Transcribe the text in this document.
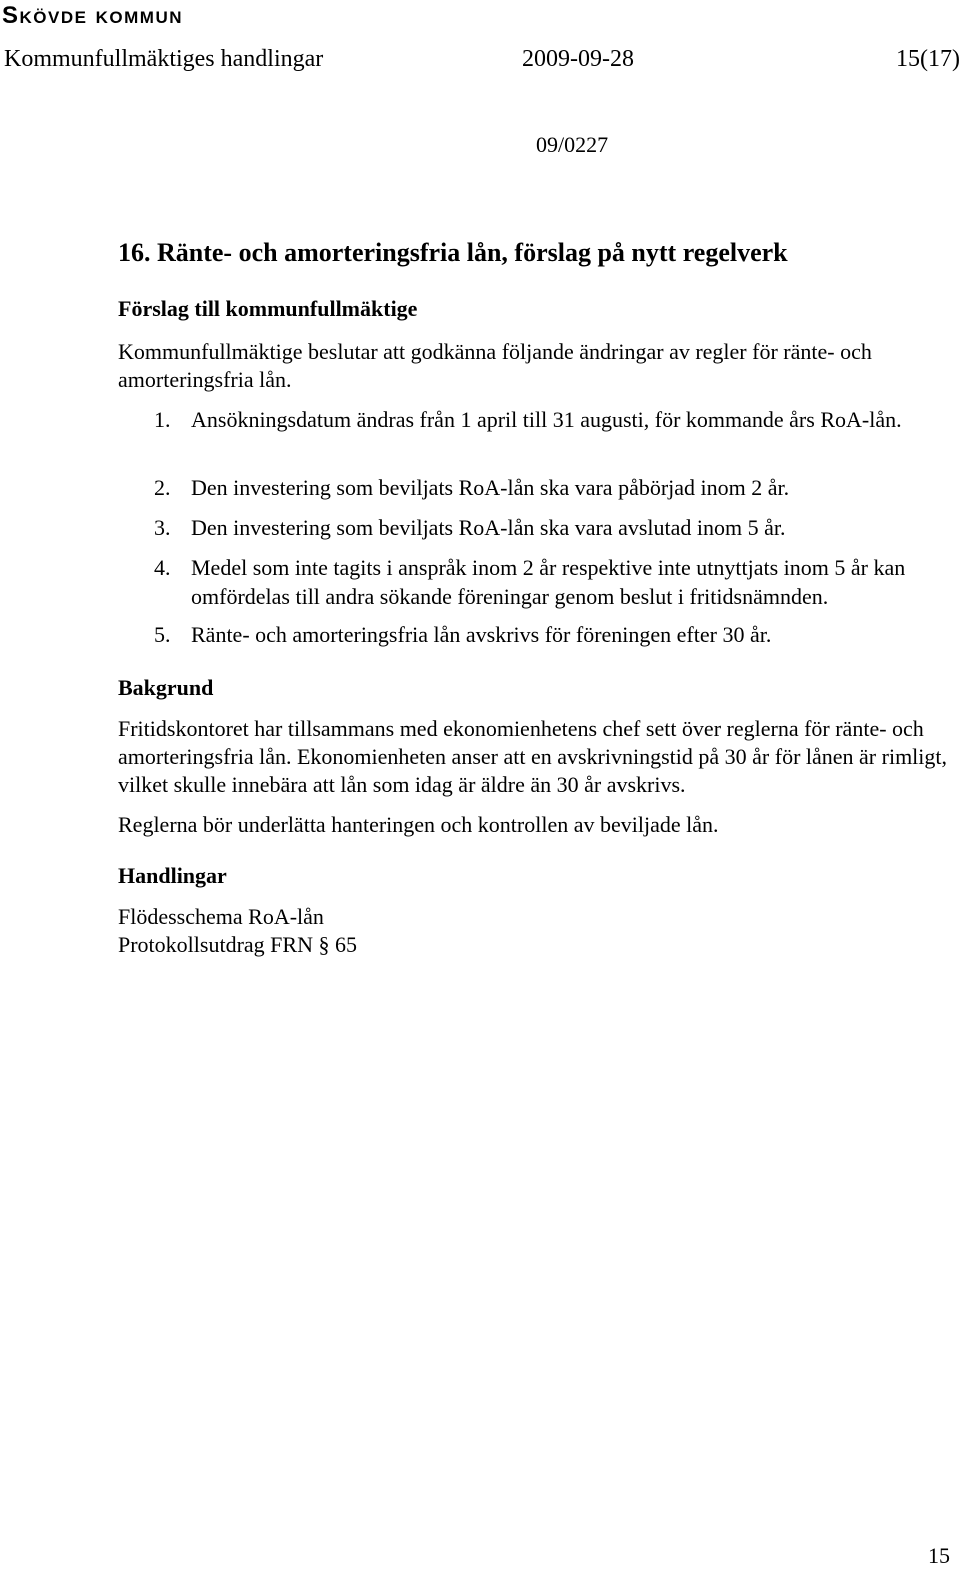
Skövde kommun
Kommunfullmäktiges handlingar	2009-09-28	15(17)
09/0227
16. Ränte- och amorteringsfria lån, förslag på nytt regelverk
Förslag till kommunfullmäktige
Kommunfullmäktige beslutar att godkänna följande ändringar av regler för ränte- och amorteringsfria lån.
1. Ansökningsdatum ändras från 1 april till 31 augusti, för kommande års RoA-lån.
2. Den investering som beviljats RoA-lån ska vara påbörjad inom 2 år.
3. Den investering som beviljats RoA-lån ska vara avslutad inom 5 år.
4. Medel som inte tagits i anspråk inom 2 år respektive inte utnyttjats inom 5 år kan omfördelas till andra sökande föreningar genom beslut i fritidsnämnden.
5. Ränte- och amorteringsfria lån avskrivs för föreningen efter 30 år.
Bakgrund
Fritidskontoret har tillsammans med ekonomienhetens chef sett över reglerna för ränte- och amorteringsfria lån. Ekonomienheten anser att en avskrivningstid på 30 år för lånen är rimligt, vilket skulle innebära att lån som idag är äldre än 30 år avskrivs.
Reglerna bör underlätta hanteringen och kontrollen av beviljade lån.
Handlingar
Flödesschema RoA-lån
Protokollsutdrag FRN § 65
15
